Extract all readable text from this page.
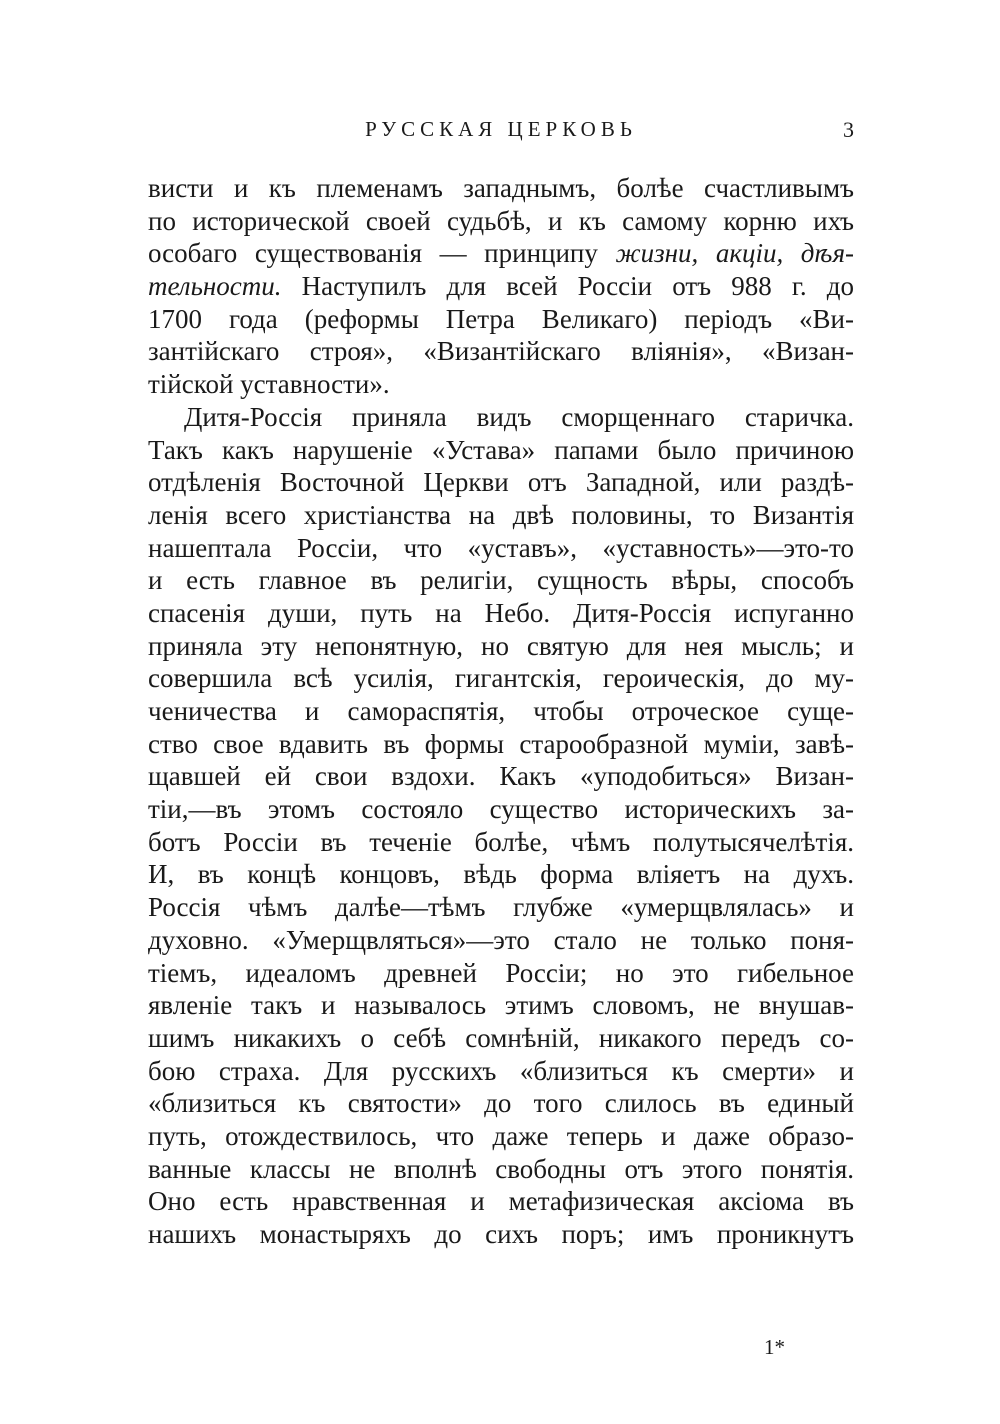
РУССКАЯ ЦЕРКОВЬ	3
висти и къ племенамъ западнымъ, болѣе счастливымъ
по исторической своей судьбѣ, и къ самому корню ихъ
особаго существованія — принципу жизни, акціи, дѣя-
тельности. Наступилъ для всей Россіи отъ 988 г. до
1700 года (реформы Петра Великаго) періодъ «Ви-
зантійскаго строя», «Византійскаго вліянія», «Визан-
тійской уставности».
Дитя-Россія приняла видъ сморщеннаго старичка.
Такъ какъ нарушеніе «Устава» папами было причиною
отдѣленія Восточной Церкви отъ Западной, или раздѣ-
ленія всего христіанства на двѣ половины, то Византія
нашептала Россіи, что «уставъ», «уставность»—это-то
и есть главное въ религіи, сущность вѣры, способъ
спасенія души, путь на Небо. Дитя-Россія испуганно
приняла эту непонятную, но святую для нея мысль; и
совершила всѣ усилія, гигантскія, героическія, до му-
ченичества и самораспятія, чтобы отроческое суще-
ство свое вдавить въ формы старообразной муміи, завѣ-
щавшей ей свои вздохи. Какъ «уподобиться» Визан-
тіи,—въ этомъ состояло существо историческихъ за-
ботъ Россіи въ теченіе болѣе, чѣмъ полутысячелѣтія.
И, въ концѣ концовъ, вѣдь форма вліяетъ на духъ.
Россія чѣмъ далѣе—тѣмъ глубже «умерщвлялась» и
духовно. «Умерщвляться»—это стало не только поня-
тіемъ, идеаломъ древней Россіи; но это гибельное
явленіе такъ и называлось этимъ словомъ, не внушав-
шимъ никакихъ о себѣ сомнѣній, никакого передъ со-
бою страха. Для русскихъ «близиться къ смерти» и
«близиться къ святости» до того слилось въ единый
путь, отождествилось, что даже теперь и даже образо-
ванные классы не вполнѣ свободны отъ этого понятія.
Оно есть нравственная и метафизическая аксіома въ
нашихъ монастыряхъ до сихъ поръ; имъ проникнутъ
1*
